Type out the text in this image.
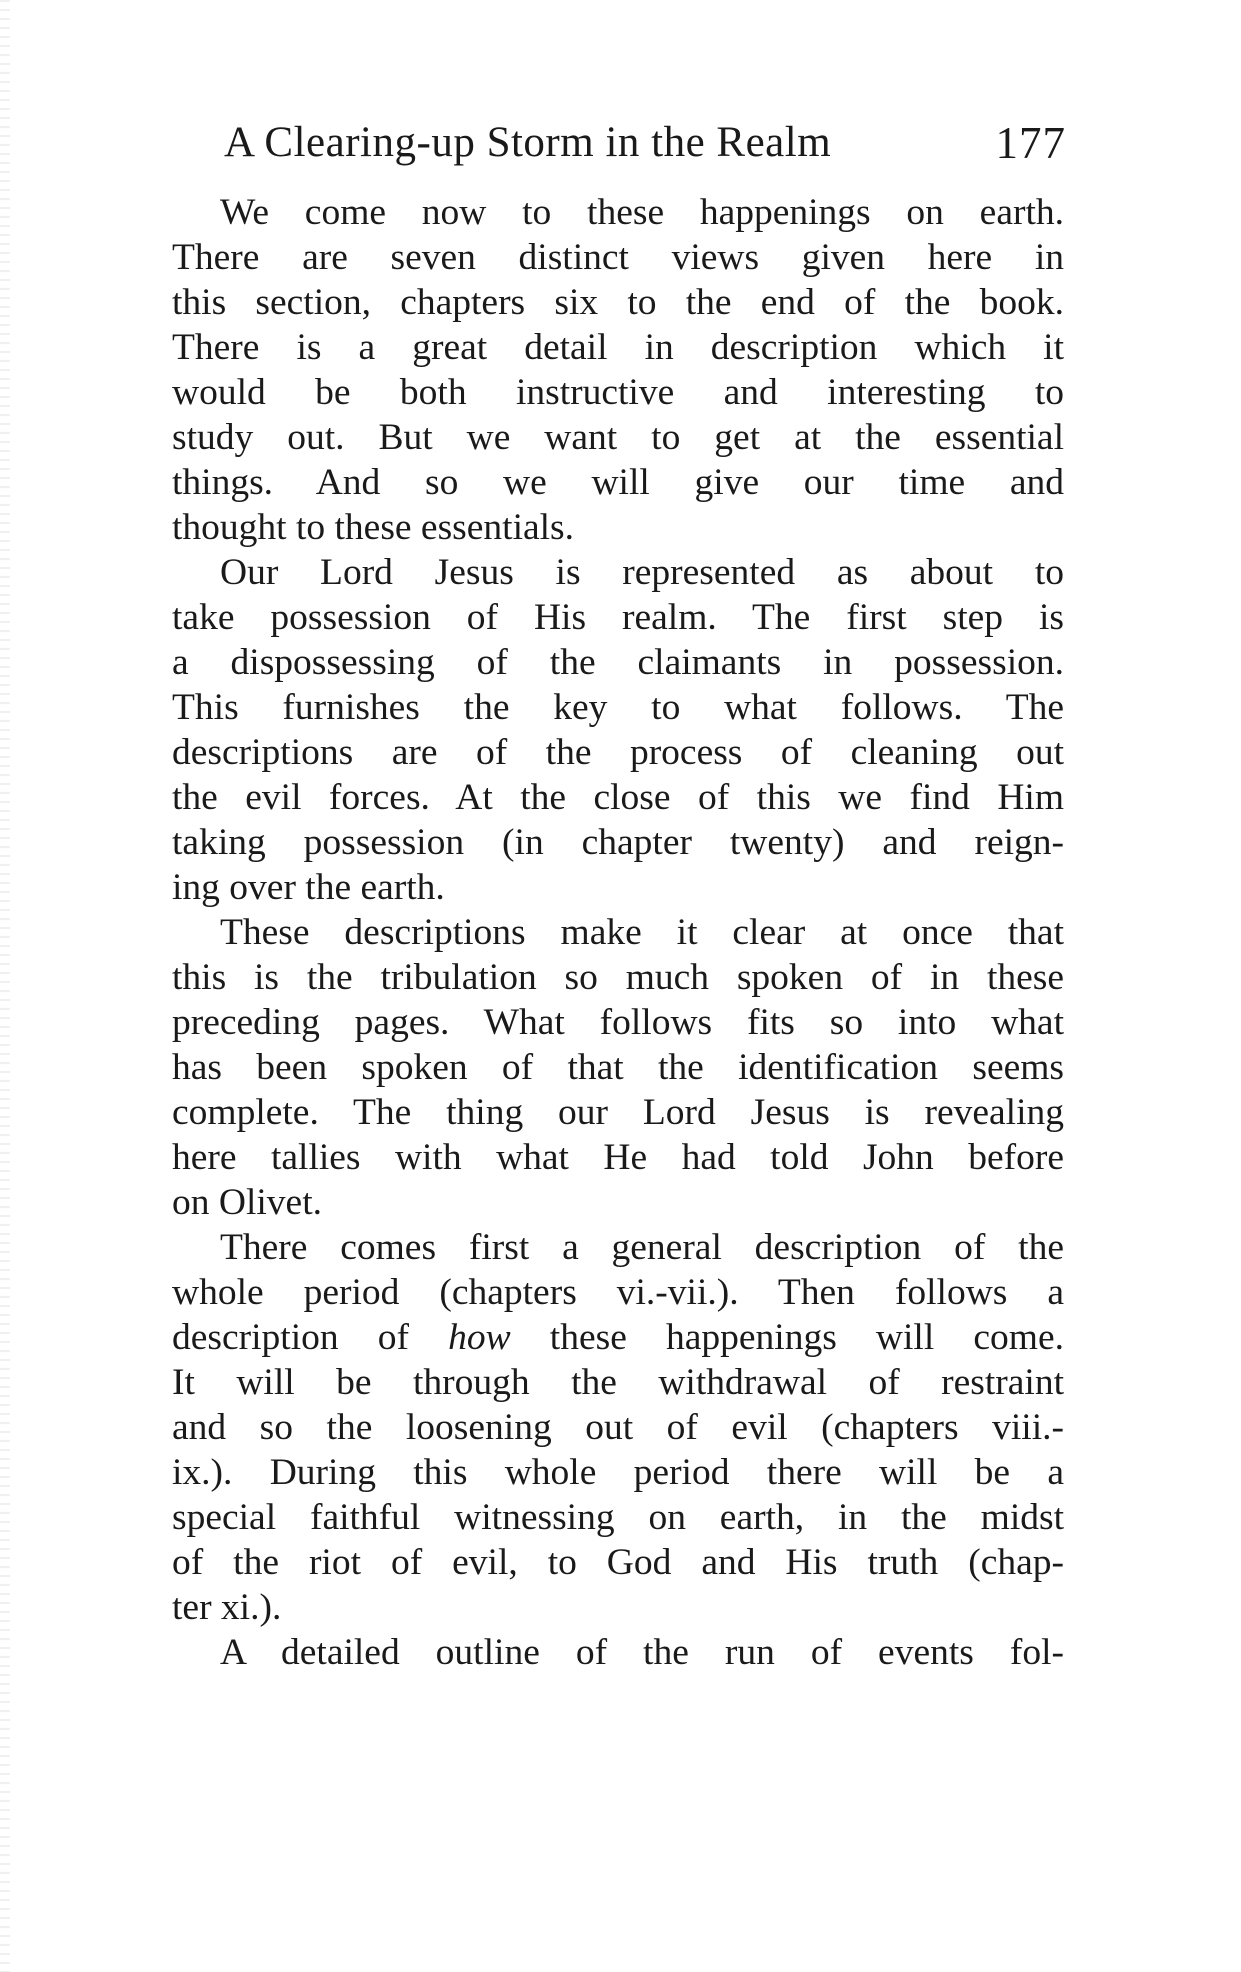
A Clearing-up Storm in the Realm	177
We come now to these happenings on earth.
There are seven distinct views given here in
this section, chapters six to the end of the book.
There is a great detail in description which it
would be both instructive and interesting to
study out. But we want to get at the essential
things. And so we will give our time and
thought to these essentials.
Our Lord Jesus is represented as about to
take possession of His realm. The first step is
a dispossessing of the claimants in possession.
This furnishes the key to what follows. The
descriptions are of the process of cleaning out
the evil forces. At the close of this we find Him
taking possession (in chapter twenty) and reign-
ing over the earth.
These descriptions make it clear at once that
this is the tribulation so much spoken of in these
preceding pages. What follows fits so into what
has been spoken of that the identification seems
complete. The thing our Lord Jesus is revealing
here tallies with what He had told John before
on Olivet.
There comes first a general description of the
whole period (chapters vi.-vii.). Then follows a
description of how these happenings will come.
It will be through the withdrawal of restraint
and so the loosening out of evil (chapters viii.-
ix.). During this whole period there will be a
special faithful witnessing on earth, in the midst
of the riot of evil, to God and His truth (chap-
ter xi.).
A detailed outline of the run of events fol-
